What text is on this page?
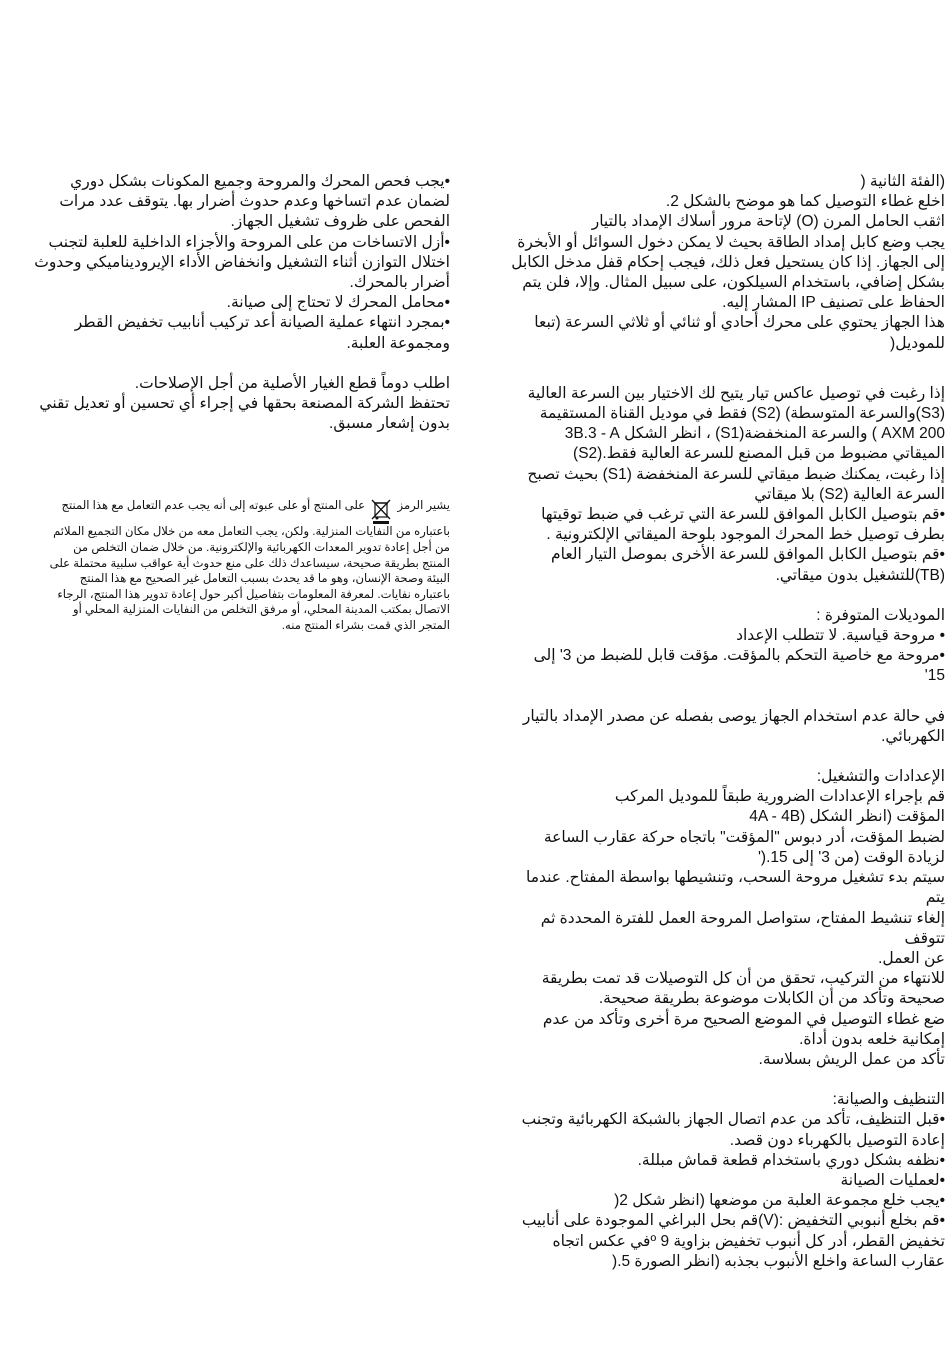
(الفئة الثانية (

اخلع غطاء التوصيل كما هو موضح بالشكل 2.

اثقب الحامل المرن (O) لإتاحة مرور أسلاك الإمداد بالتيار

يجب وضع كابل إمداد الطاقة بحيث لا يمكن دخول السوائل أو الأبخرة

إلى الجهاز. إذا كان يستحيل فعل ذلك، فيجب إحكام قفل مدخل الكابل

بشكل إضافي، باستخدام السيلكون، على سبيل المثال. وإلا، فلن يتم

الحفاظ على تصنيف IP المشار إليه.

هذا الجهاز يحتوي على محرك أحادي أو ثنائي أو ثلاثي السرعة (تبعا

للموديل(

إذا رغبت في توصيل عاكس تيار يتيح لك الاختيار بين السرعة العالية

(S3)والسرعة المتوسطة) (S2) فقط في موديل القناة المستقيمة

AXM 200 ) والسرعة المنخفضة(S1) ، انظر الشكل 3B.3 - A

الميقاتي مضبوط من قبل المصنع للسرعة العالية فقط.(S2)

إذا رغبت، يمكنك ضبط ميقاتي للسرعة المنخفضة (S1) بحيث تصبح

السرعة العالية (S2) بلا ميقاتي

•قم بتوصيل الكابل الموافق للسرعة التي ترغب في ضبط توقيتها

بطرف توصيل خط المحرك الموجود بلوحة الميقاتي الإلكترونية .

•قم بتوصيل الكابل الموافق للسرعة الأخرى بموصل التيار العام

(TB)للتشغيل بدون ميقاتي.

الموديلات المتوفرة :

• مروحة قياسية. لا تتطلب الإعداد

•مروحة مع خاصية التحكم بالمؤقت. مؤقت قابل للضبط من 3' إلى

15'

في حالة عدم استخدام الجهاز يوصى بفصله عن مصدر الإمداد بالتيار

الكهربائي.

الإعدادات والتشغيل:

قم بإجراء الإعدادات الضرورية طبقاً للموديل المركب

المؤقت (انظر الشكل (4A - 4B

لضبط المؤقت، أدر دبوس "المؤقت" باتجاه حركة عقارب الساعة

لزيادة الوقت (من 3' إلى 15.('

سيتم بدء تشغيل مروحة السحب، وتنشيطها بواسطة المفتاح. عندما يتم

إلغاء تنشيط المفتاح، ستواصل المروحة العمل للفترة المحددة ثم تتوقف

عن العمل.

للانتهاء من التركيب، تحقق من أن كل التوصيلات قد تمت بطريقة

صحيحة وتأكد من أن الكابلات موضوعة بطريقة صحيحة.

ضع غطاء التوصيل في الموضع الصحيح مرة أخرى وتأكد من عدم

إمكانية خلعه بدون أداة.

تأكد من عمل الريش بسلاسة.

التنظيف والصيانة:

•قبل التنظيف، تأكد من عدم اتصال الجهاز بالشبكة الكهربائية وتجنب

إعادة التوصيل بالكهرباء دون قصد.

•نظفه بشكل دوري باستخدام قطعة قماش مبللة.

•لعمليات الصيانة

•يجب خلع مجموعة العلبة من موضعها (انظر شكل 2(

•قم بخلع أنبوبي التخفيض :(V)قم بحل البراغي الموجودة على أنابيب

تخفيض القطر، أدر كل أنبوب تخفيض بزاوية 9 ºفي عكس اتجاه

عقارب الساعة واخلع الأنبوب بجذبه (انظر الصورة 5.(

•يجب فحص المحرك والمروحة وجميع المكونات بشكل دوري

لضمان عدم اتساخها وعدم حدوث أضرار بها. يتوقف عدد مرات

الفحص على ظروف تشغيل الجهاز.

•أزل الاتساخات من على المروحة والأجزاء الداخلية للعلبة لتجنب

اختلال التوازن أثناء التشغيل وانخفاض الأداء الإيروديناميكي وحدوث

أضرار بالمحرك.

•محامل المحرك لا تحتاج إلى صيانة.

•بمجرد انتهاء عملية الصيانة أعد تركيب أنابيب تخفيض القطر

ومجموعة العلبة.

اطلب دوماً قطع الغيار الأصلية من أجل الإصلاحات.

تحتفظ الشركة المصنعة بحقها في إجراء أي تحسين أو تعديل تقني

بدون إشعار مسبق.

يشير الرمز  على المنتج أو على عبوته إلى أنه يجب عدم التعامل مع هذا المنتج

باعتباره من النفايات المنزلية. ولكن، يجب التعامل معه من خلال مكان التجميع الملائم

من أجل إعادة تدوير المعدات الكهربائية والإلكترونية. من خلال ضمان التخلص من

المنتج بطريقة صحيحة، سيساعدك ذلك على منع حدوث أية عواقب سلبية محتملة على

البيئة وصحة الإنسان، وهو ما قد يحدث بسبب التعامل غير الصحيح مع هذا المنتج

باعتباره نفايات. لمعرفة المعلومات بتفاصيل أكبر حول إعادة تدوير هذا المنتج، الرجاء

الاتصال بمكتب المدينة المحلي، أو مرفق التخلص من النفايات المنزلية المحلي أو

المتجر الذي قمت بشراء المنتج منه.
